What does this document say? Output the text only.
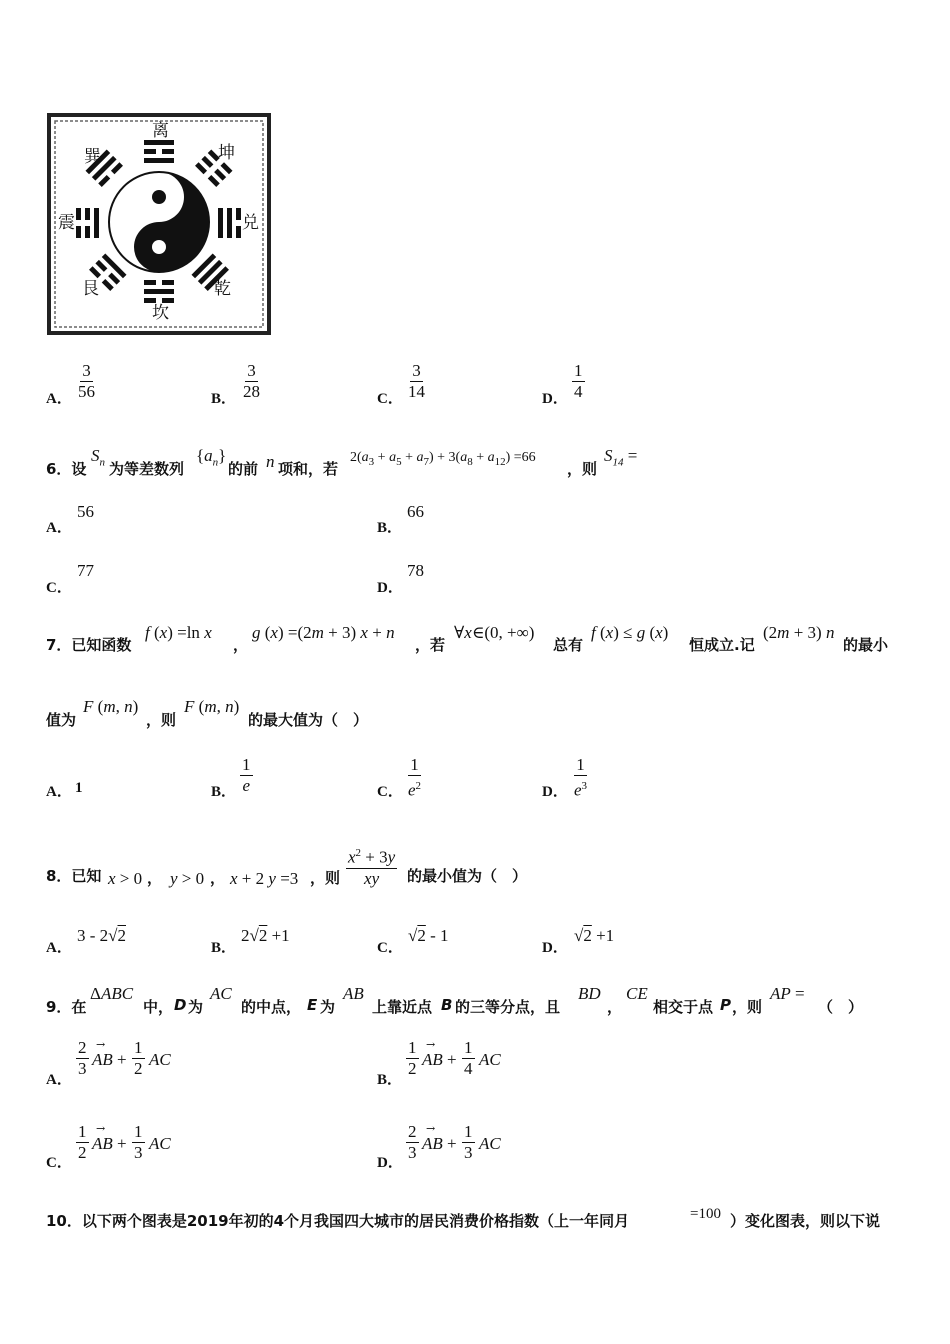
离
坤
兑
乾
坎
艮
震
巽
A． $\frac{3}{56}$	B． $\frac{3}{28}$	C． $\frac{3}{14}$	D． $\frac{1}{4}$
6．设
$S_n$ 为等差数列
$\{a_n\}$
的前 n 项和，若
$2(a_3 + a_5 + a_7) + 3(a_8 + a_{12}) =66$
，则
$S_{14}$ =
A．
56
B．
66
C．
77
D．
78
7．已知函数
f (x) =ln x
，
g (x) =(2m + 3) x + n
，若
∀x∈(0, +∞)
总有
f (x) ≤ g (x)
恒成立.记
(2m + 3) n
的最小
值为
F (m, n)
，则
F (m, n)
的最大值为（　）
A． 1	B． $\frac{1}{e}$	C． $\frac{1}{e^2}$	D． $\frac{1}{e^3}$
8．已知 x > 0 ， y > 0 ， x + 2 y =3 ，则 $\frac{x^2 + 3y}{xy}$ 的最小值为（　）
A．
3 - 2√2
B．
2√2 +1
C．
√2 - 1
D．
√2 +1
9．在
ΔABC
中， D 为
AC
的中点， E 为
AB
上靠近点 B 的三等分点，且
BD
，
CE
相交于点 P ，则
AP =
（　）
A．
$\frac{2}{3}$ AB +
→ $\frac{1}{2}$ AC
B．
$\frac{1}{2}$ AB +
→ $\frac{1}{4}$ AC
C． $\frac{1}{2}$ AB +
→ $\frac{1}{3}$ AC
D． $\frac{2}{3}$ AB +
→ $\frac{1}{3}$ AC
10．以下两个图表是2019年初的4个月我国四大城市的居民消费价格指数（上一年同月	=100 ）变化图表，则以下说
